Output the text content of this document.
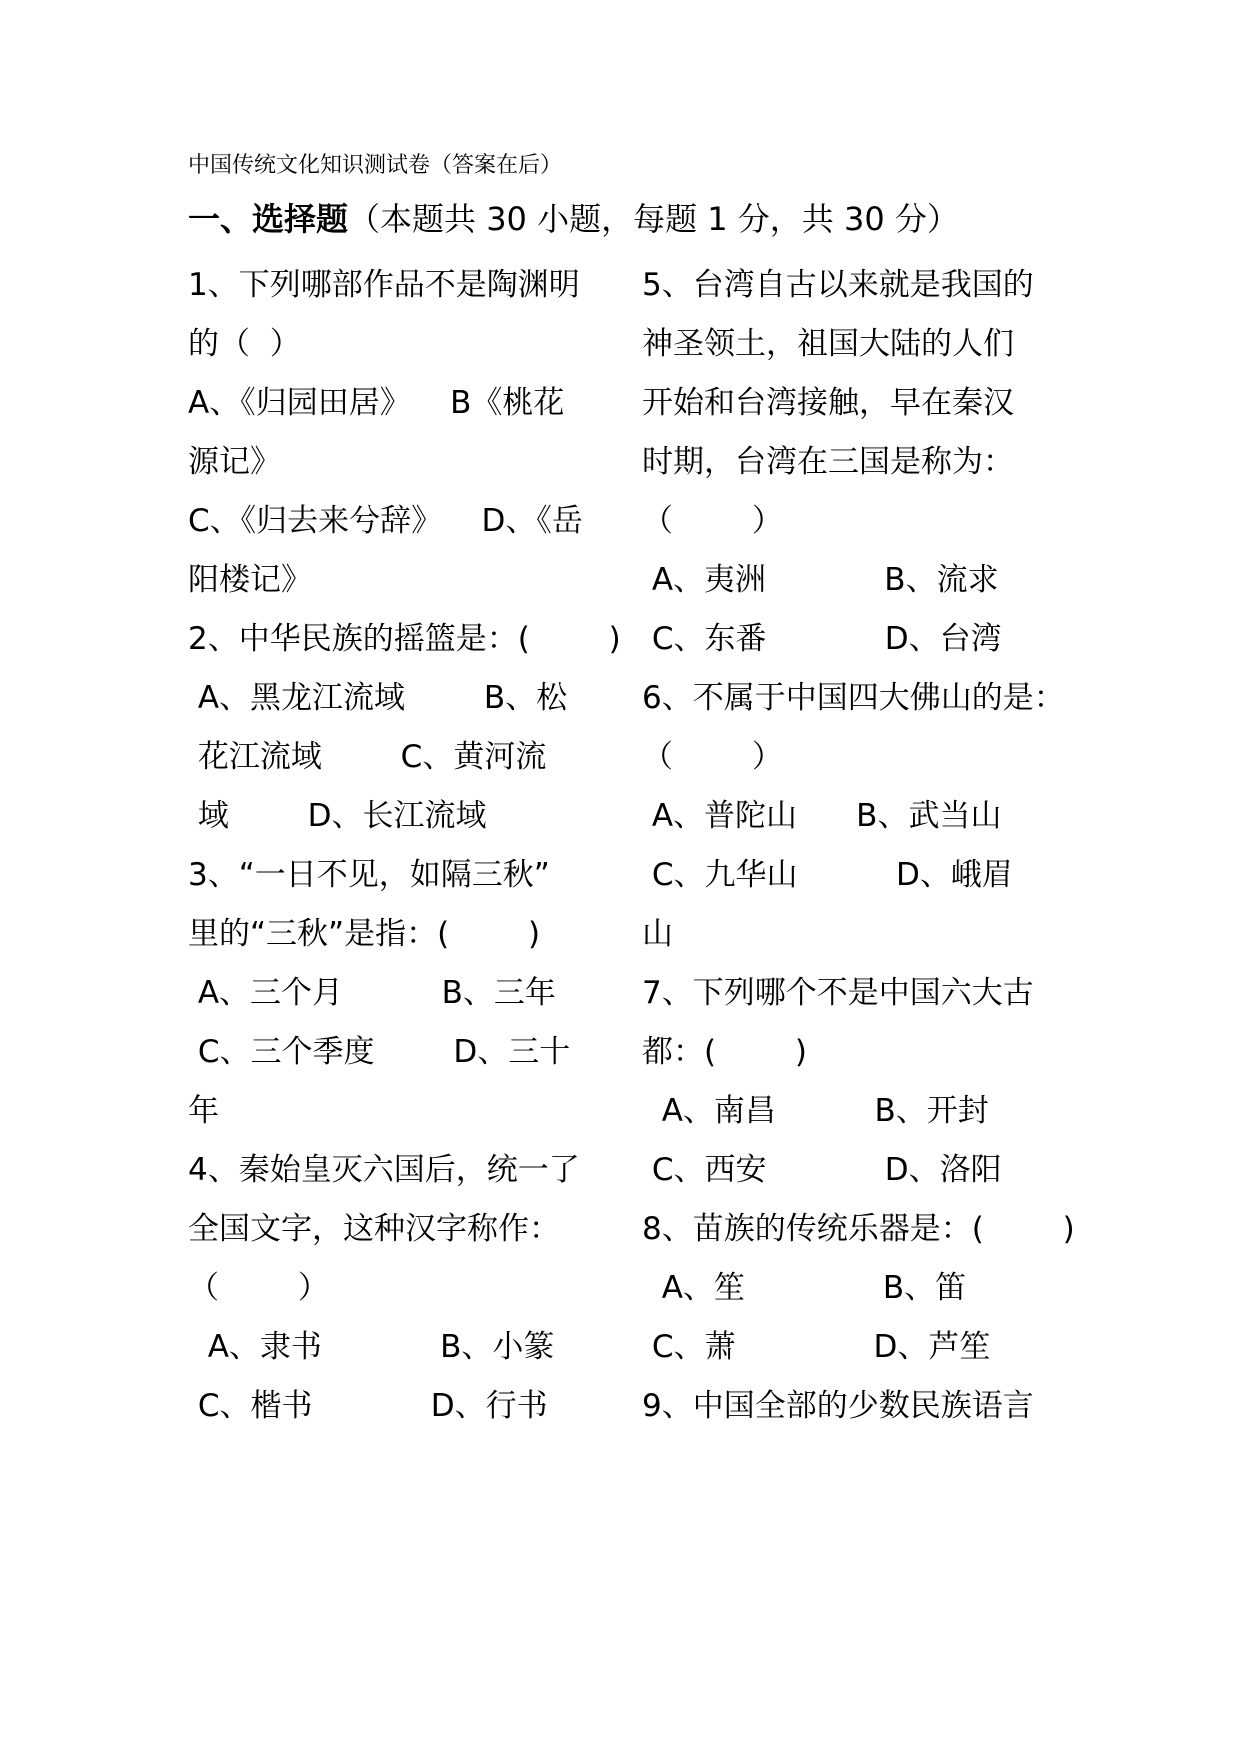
中国传统文化知识测试卷（答案在后）
一、选择题（本题共 30 小题，每题 1 分，共 30 分）
1、下列哪部作品不是陶渊明
的（  ）
A、《归园田居》    B《桃花
源记》
C、《归去来兮辞》    D、《岳
阳楼记》
2、中华民族的摇篮是：(        )
A、黑龙江流域        B、松
花江流域        C、黄河流
域        D、长江流域
3、“一日不见，如隔三秋”
里的“三秋”是指：(        )
A、三个月          B、三年
C、三个季度        D、三十
年
4、秦始皇灭六国后，统一了
全国文字，这种汉字称作：
（        ）
A、隶书            B、小篆
C、楷书            D、行书
5、台湾自古以来就是我国的
神圣领土，祖国大陆的人们
开始和台湾接触，早在秦汉
时期，台湾在三国是称为：
（        ）
A、夷洲            B、流求
C、东番            D、台湾
6、不属于中国四大佛山的是：
（        ）
A、普陀山      B、武当山
C、九华山          D、峨眉
山
7、下列哪个不是中国六大古
都：(        )
A、南昌          B、开封
C、西安            D、洛阳
8、苗族的传统乐器是：(        )
A、笙              B、笛
C、萧              D、芦笙
9、中国全部的少数民族语言
